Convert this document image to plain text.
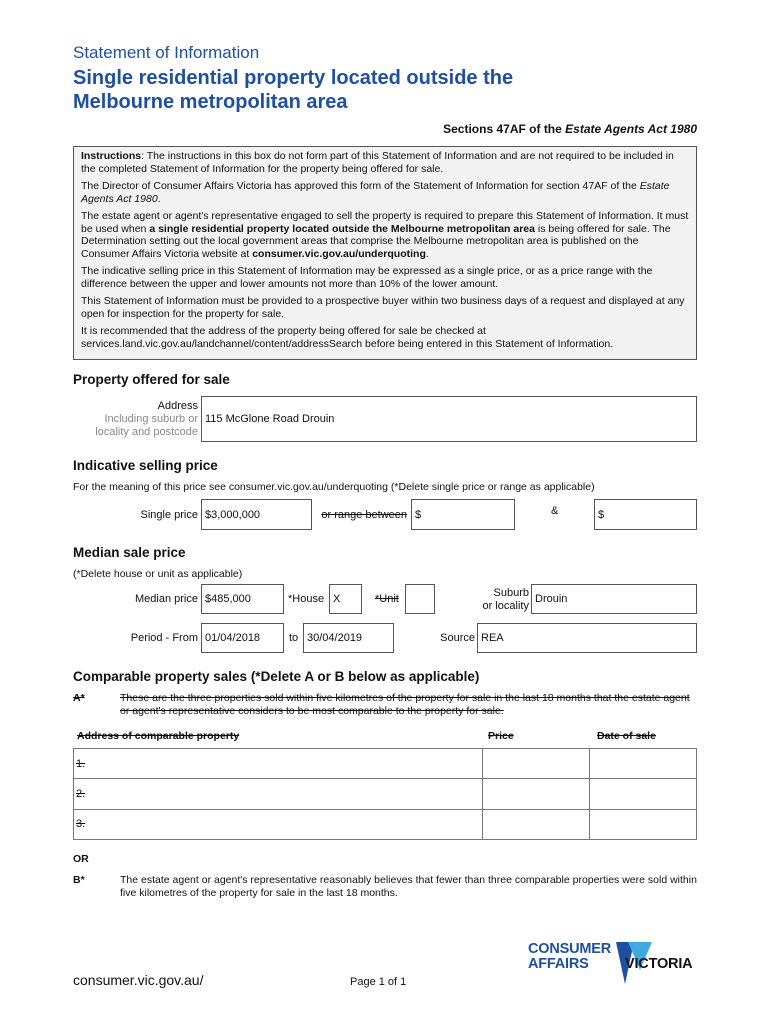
Statement of Information
Single residential property located outside the
Melbourne metropolitan area
Sections 47AF of the Estate Agents Act 1980

Instructions: The instructions in this box do not form part of this Statement of Information and are not required to be included in the completed Statement of Information for the property being offered for sale.

The Director of Consumer Affairs Victoria has approved this form of the Statement of Information for section 47AF of the Estate Agents Act 1980.

The estate agent or agent's representative engaged to sell the property is required to prepare this Statement of Information. It must be used when a single residential property located outside the Melbourne metropolitan area is being offered for sale. The Determination setting out the local government areas that comprise the Melbourne metropolitan area is published on the Consumer Affairs Victoria website at consumer.vic.gov.au/underquoting.

The indicative selling price in this Statement of Information may be expressed as a single price, or as a price range with the difference between the upper and lower amounts not more than 10% of the lower amount.

This Statement of Information must be provided to a prospective buyer within two business days of a request and displayed at any open for inspection for the property for sale.

It is recommended that the address of the property being offered for sale be checked at services.land.vic.gov.au/landchannel/content/addressSearch before being entered in this Statement of Information.

Property offered for sale
Address
Including suburb or
locality and postcode
115 McGlone Road Drouin
Indicative selling price
For the meaning of this price see consumer.vic.gov.au/underquoting (*Delete single price or range as applicable)
Single price $3,000,000	or range between $	&	$
Median sale price
(*Delete house or unit as applicable)
Median price $485,000	*House X	*Unit	Suburb
or locality
Drouin
Period - From 01/04/2018	to 30/04/2019	Source REA
Comparable property sales (*Delete A or B below as applicable)
A*	These are the three properties sold within five kilometres of the property for sale in the last 18 months that the estate agent or agent's representative considers to be most comparable to the property for sale.
Address of comparable property	Price	Date of sale
1.		
2.		
3.		
OR
B*	The estate agent or agent's representative reasonably believes that fewer than three comparable properties were sold within five kilometres of the property for sale in the last 18 months.
consumer.vic.gov.au/	Page 1 of 1
CONSUMER
AFFAIRS	VICTORIA
